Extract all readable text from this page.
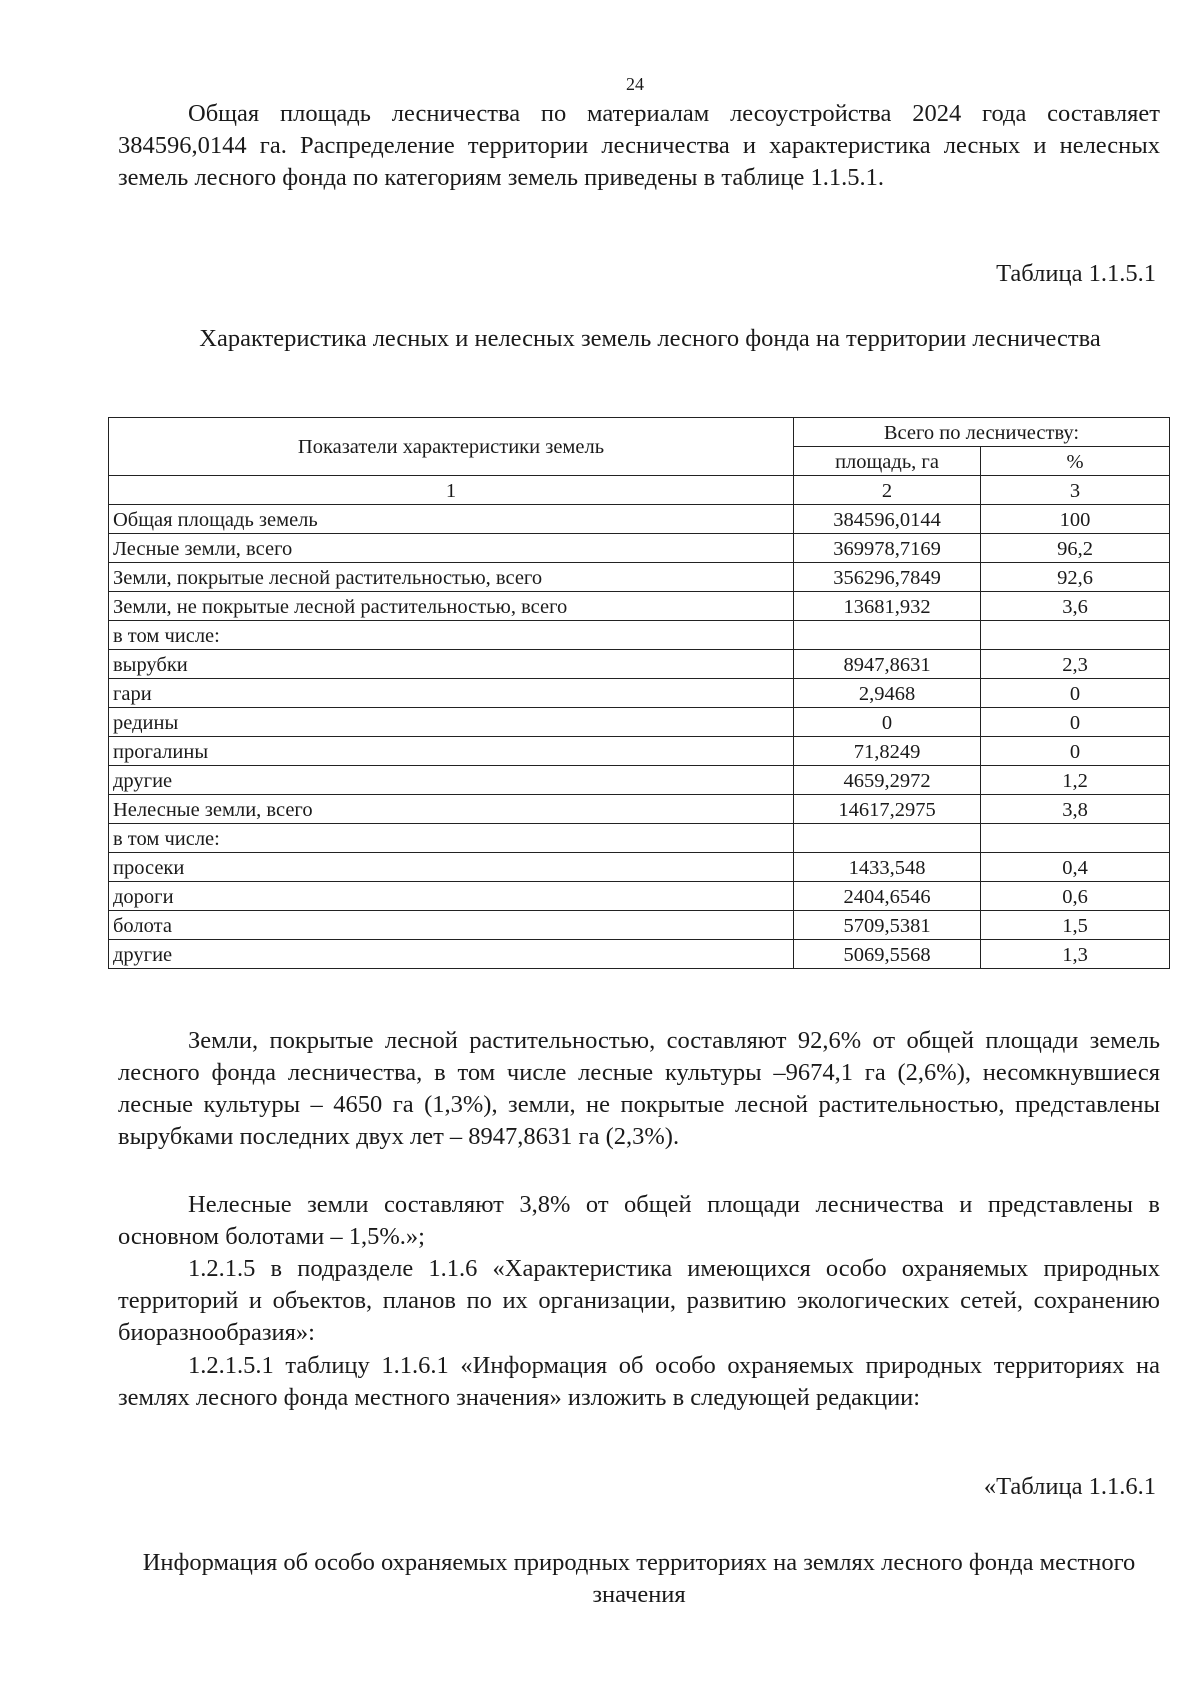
24

Общая площадь лесничества по материалам лесоустройства 2024 года составляет 384596,0144 га. Распределение территории лесничества и характеристика лесных и нелесных земель лесного фонда по категориям земель приведены в таблице 1.1.5.1.

Таблица 1.1.5.1

Характеристика лесных и нелесных земель лесного фонда на территории лесничества

Показатели характеристики земель	Всего по лесничеству:	
	площадь, га	%
1	2	3
Общая площадь земель	384596,0144	100
Лесные земли, всего	369978,7169	96,2
Земли, покрытые лесной растительностью, всего	356296,7849	92,6
Земли, не покрытые лесной растительностью, всего	13681,932	3,6
в том числе:		
вырубки	8947,8631	2,3
гари	2,9468	0
редины	0	0
прогалины	71,8249	0
другие	4659,2972	1,2
Нелесные земли, всего	14617,2975	3,8
в том числе:		
просеки	1433,548	0,4
дороги	2404,6546	0,6
болота	5709,5381	1,5
другие	5069,5568	1,3

Земли, покрытые лесной растительностью, составляют 92,6% от общей площади земель лесного фонда лесничества, в том числе лесные культуры –9674,1 га (2,6%), несомкнувшиеся лесные культуры – 4650 га (1,3%), земли, не покрытые лесной растительностью, представлены вырубками последних двух лет – 8947,8631 га (2,3%).

Нелесные земли составляют 3,8% от общей площади лесничества и представлены в основном болотами – 1,5%.»;

1.2.1.5 в подразделе 1.1.6 «Характеристика имеющихся особо охраняемых природных территорий и объектов, планов по их организации, развитию экологических сетей, сохранению биоразнообразия»:

1.2.1.5.1 таблицу 1.1.6.1 «Информация об особо охраняемых природных территориях на землях лесного фонда местного значения» изложить в следующей редакции:

«Таблица 1.1.6.1

Информация об особо охраняемых природных территориях на землях лесного фонда местного значения
